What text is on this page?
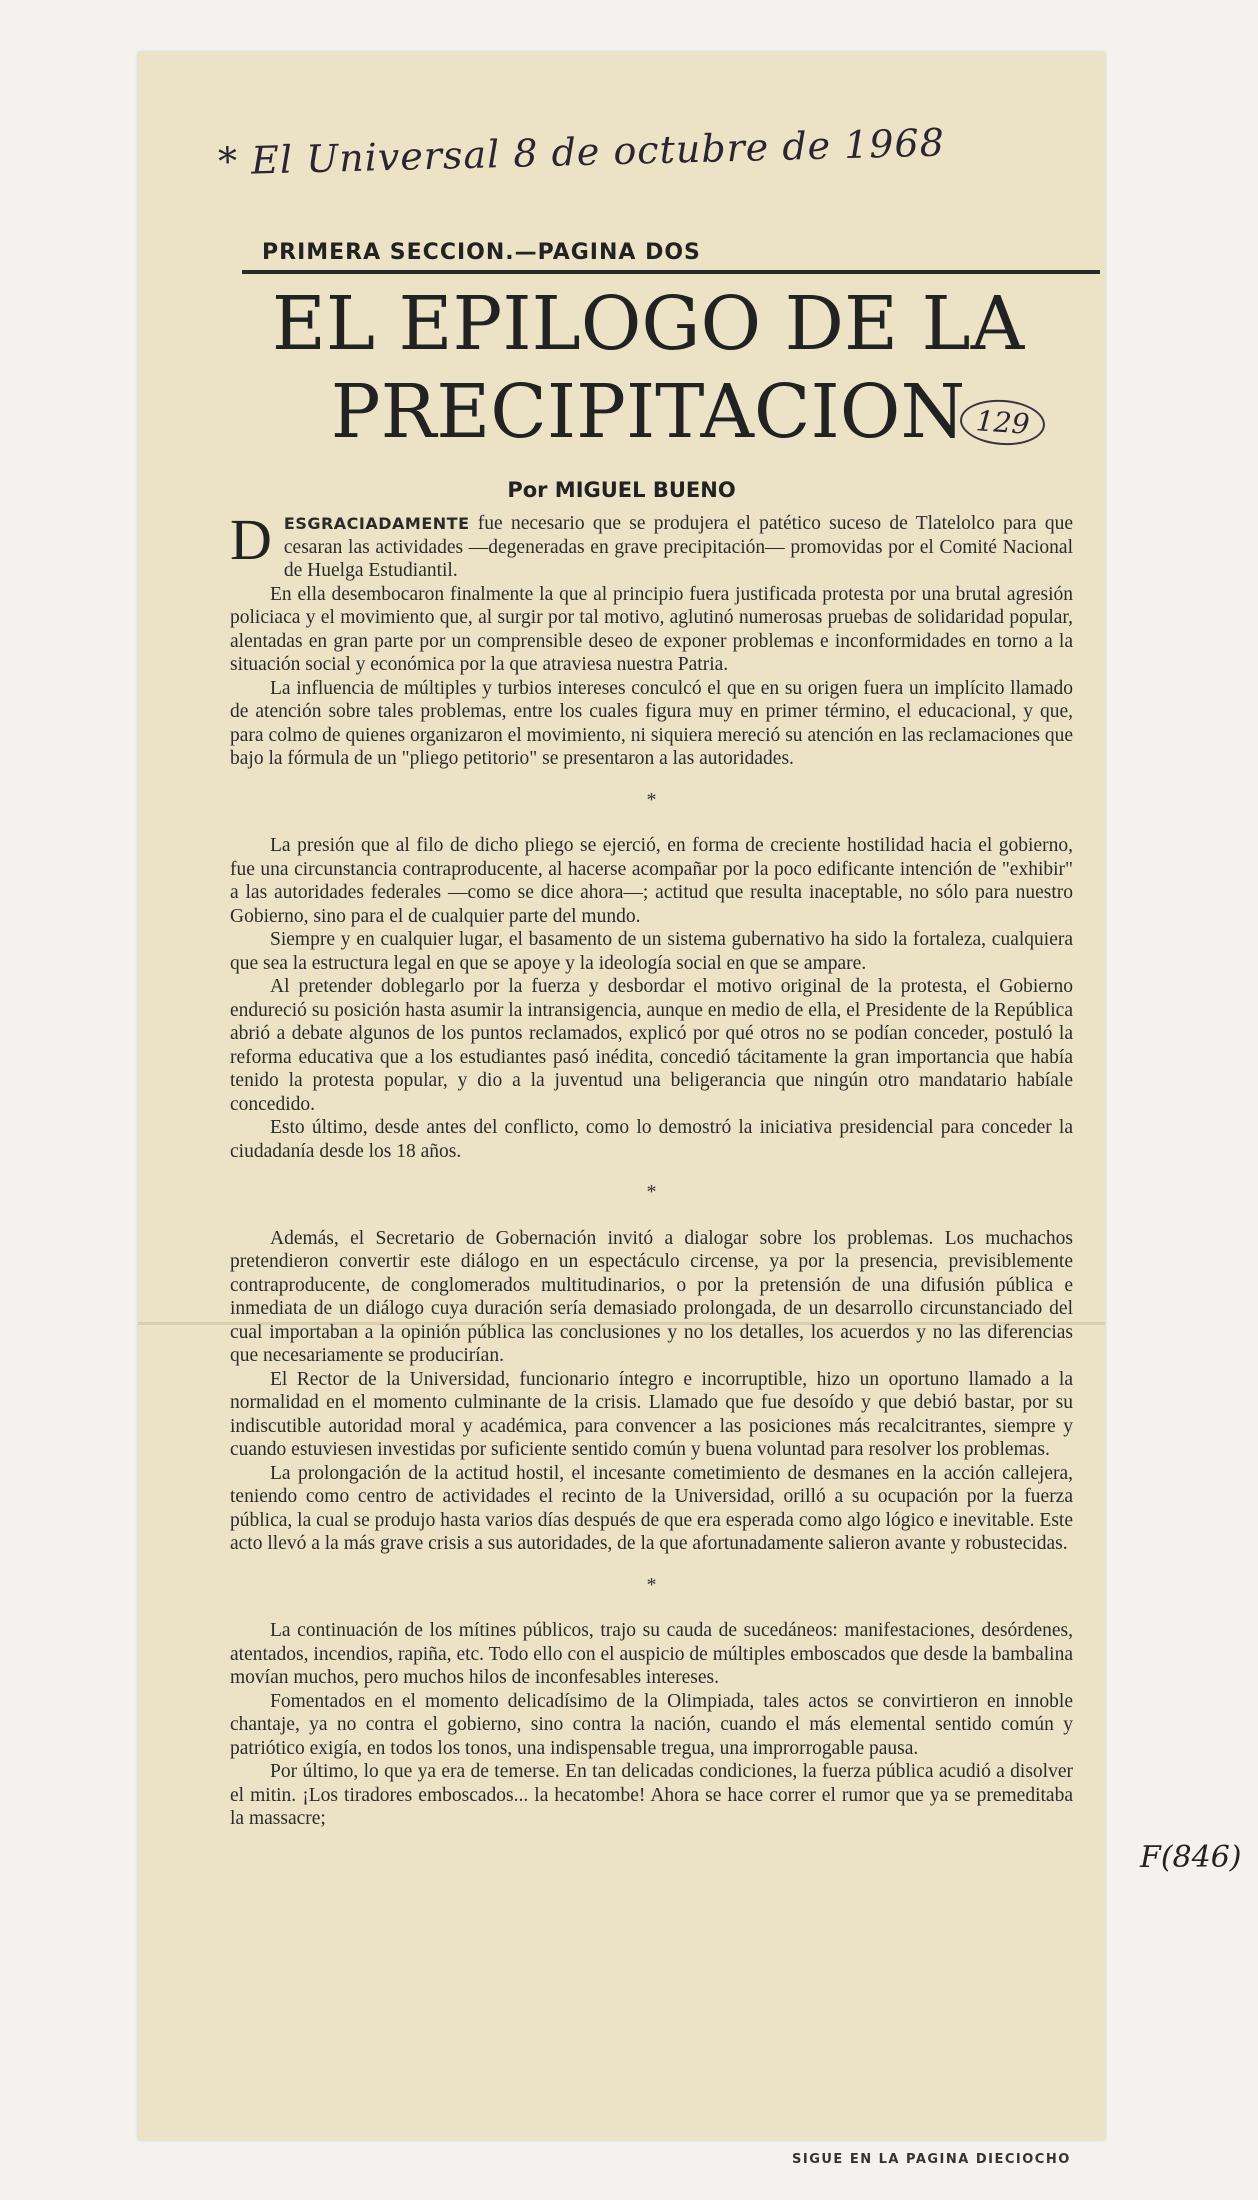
* El Universal 8 de octubre de 1968
PRIMERA SECCION.—PAGINA DOS
EL EPILOGO DE LA
PRECIPITACION 129
Por MIGUEL BUENO

DESGRACIADAMENTE fue necesario que se produjera el patético suceso de Tlatelolco para que cesaran las actividades —degeneradas en grave precipitación— promovidas por el Comité Nacional de Huelga Estudiantil.

En ella desembocaron finalmente la que al principio fuera justificada protesta por una brutal agresión policiaca y el movimiento que, al surgir por tal motivo, aglutinó numerosas pruebas de solidaridad popular, alentadas en gran parte por un comprensible deseo de exponer problemas e inconformidades en torno a la situación social y económica por la que atraviesa nuestra Patria.

La influencia de múltiples y turbios intereses conculcó el que en su origen fuera un implícito llamado de atención sobre tales problemas, entre los cuales figura muy en primer término, el educacional, y que, para colmo de quienes organizaron el movimiento, ni siquiera mereció su atención en las reclamaciones que bajo la fórmula de un "pliego petitorio" se presentaron a las autoridades.

*

La presión que al filo de dicho pliego se ejerció, en forma de creciente hostilidad hacia el gobierno, fue una circunstancia contraproducente, al hacerse acompañar por la poco edificante intención de "exhibir" a las autoridades federales —como se dice ahora—; actitud que resulta inaceptable, no sólo para nuestro Gobierno, sino para el de cualquier parte del mundo.

Siempre y en cualquier lugar, el basamento de un sistema gubernativo ha sido la fortaleza, cualquiera que sea la estructura legal en que se apoye y la ideología social en que se ampare.

Al pretender doblegarlo por la fuerza y desbordar el motivo original de la protesta, el Gobierno endureció su posición hasta asumir la intransigencia, aunque en medio de ella, el Presidente de la República abrió a debate algunos de los puntos reclamados, explicó por qué otros no se podían conceder, postuló la reforma educativa que a los estudiantes pasó inédita, concedió tácitamente la gran importancia que había tenido la protesta popular, y dio a la juventud una beligerancia que ningún otro mandatario habíale concedido.

Esto último, desde antes del conflicto, como lo demostró la iniciativa presidencial para conceder la ciudadanía desde los 18 años.

*

Además, el Secretario de Gobernación invitó a dialogar sobre los problemas. Los muchachos pretendieron convertir este diálogo en un espectáculo circense, ya por la presencia, previsiblemente contraproducente, de conglomerados multitudinarios, o por la pretensión de una difusión pública e inmediata de un diálogo cuya duración sería demasiado prolongada, de un desarrollo circunstanciado del cual importaban a la opinión pública las conclusiones y no los detalles, los acuerdos y no las diferencias que necesariamente se producirían.

El Rector de la Universidad, funcionario íntegro e incorruptible, hizo un oportuno llamado a la normalidad en el momento culminante de la crisis. Llamado que fue desoído y que debió bastar, por su indiscutible autoridad moral y académica, para convencer a las posiciones más recalcitrantes, siempre y cuando estuviesen investidas por suficiente sentido común y buena voluntad para resolver los problemas.

La prolongación de la actitud hostil, el incesante cometimiento de desmanes en la acción callejera, teniendo como centro de actividades el recinto de la Universidad, orilló a su ocupación por la fuerza pública, la cual se produjo hasta varios días después de que era esperada como algo lógico e inevitable. Este acto llevó a la más grave crisis a sus autoridades, de la que afortunadamente salieron avante y robustecidas.

*

La continuación de los mítines públicos, trajo su cauda de sucedáneos: manifestaciones, desórdenes, atentados, incendios, rapiña, etc. Todo ello con el auspicio de múltiples emboscados que desde la bambalina movían muchos, pero muchos hilos de inconfesables intereses.

Fomentados en el momento delicadísimo de la Olimpiada, tales actos se convirtieron en innoble chantaje, ya no contra el gobierno, sino contra la nación, cuando el más elemental sentido común y patriótico exigía, en todos los tonos, una indispensable tregua, una improrrogable pausa.

Por último, lo que ya era de temerse. En tan delicadas condiciones, la fuerza pública acudió a disolver el mitin. ¡Los tiradores emboscados... la hecatombe! Ahora se hace correr el rumor que ya se premeditaba la massacre;

SIGUE EN LA PAGINA DIECIOCHO
F(846)
